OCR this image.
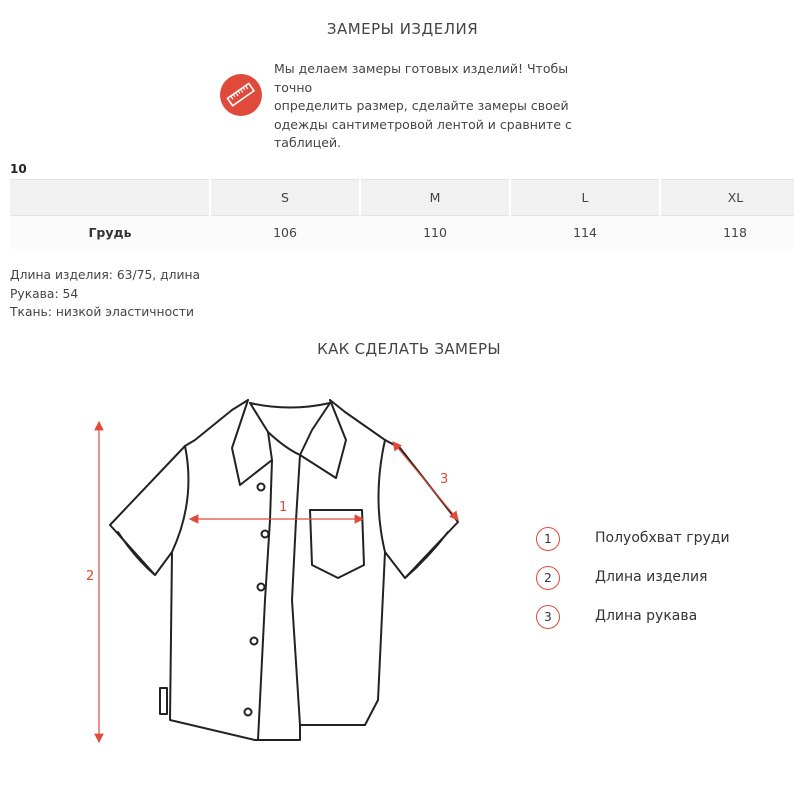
ЗАМЕРЫ ИЗДЕЛИЯ
Мы делаем замеры готовых изделий! Чтобы точно
определить размер, сделайте замеры своей
одежды сантиметровой лентой и сравните с
таблицей.
10
	S	M	L	XL
Грудь	106	110	114	118
Длина изделия: 63/75, длина
Рукава: 54
Ткань: низкой эластичности
КАК СДЕЛАТЬ ЗАМЕРЫ
1
2
3
1	Полуобхват груди
2	Длина изделия
3	Длина рукава
